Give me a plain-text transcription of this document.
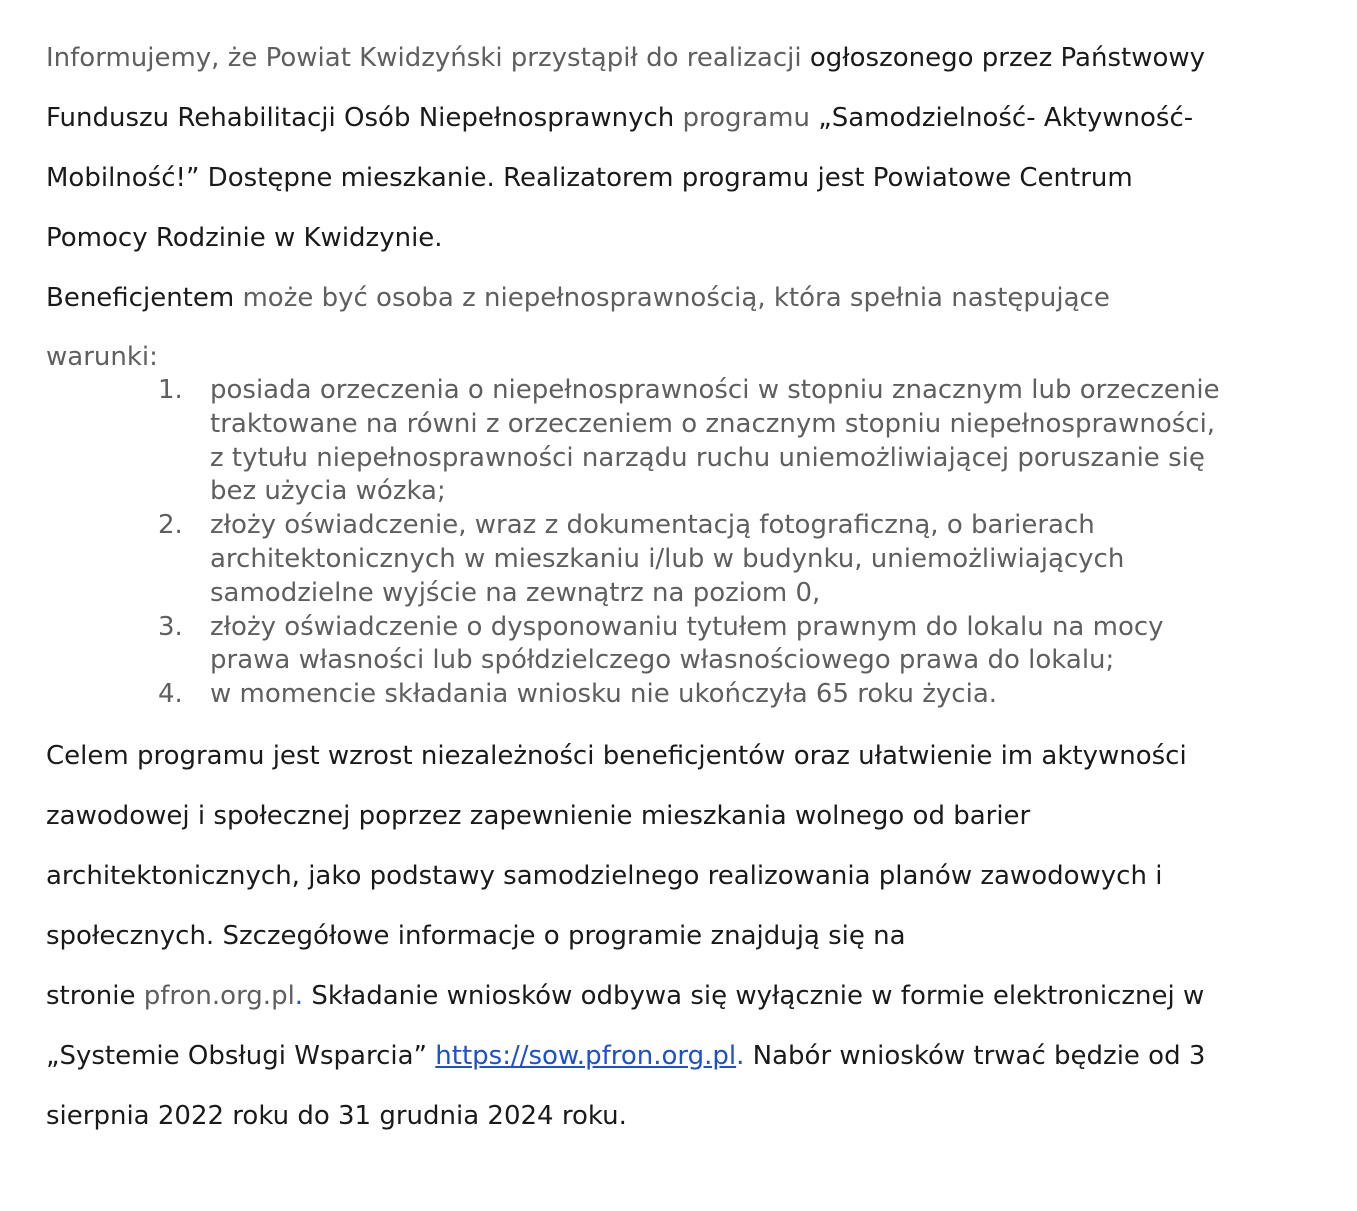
Informujemy, że Powiat Kwidzyński przystąpił do realizacji ogłoszonego przez Państwowy
Funduszu Rehabilitacji Osób Niepełnosprawnych programu „Samodzielność- Aktywność-
Mobilność!” Dostępne mieszkanie. Realizatorem programu jest Powiatowe Centrum
Pomocy Rodzinie w Kwidzynie.
Beneficjentem może być osoba z niepełnosprawnością, która spełnia następujące
warunki:
1.	posiada orzeczenia o niepełnosprawności w stopniu znacznym lub orzeczenie
traktowane na równi z orzeczeniem o znacznym stopniu niepełnosprawności,
z tytułu niepełnosprawności narządu ruchu uniemożliwiającej poruszanie się
bez użycia wózka;
2.	złoży oświadczenie, wraz z dokumentacją fotograficzną, o barierach
architektonicznych w mieszkaniu i/lub w budynku, uniemożliwiających
samodzielne wyjście na zewnątrz na poziom 0,
3.	złoży oświadczenie o dysponowaniu tytułem prawnym do lokalu na mocy
prawa własności lub spółdzielczego własnościowego prawa do lokalu;
4.	w momencie składania wniosku nie ukończyła 65 roku życia.
Celem programu jest wzrost niezależności beneficjentów oraz ułatwienie im aktywności
zawodowej i społecznej poprzez zapewnienie mieszkania wolnego od barier
architektonicznych, jako podstawy samodzielnego realizowania planów zawodowych i
społecznych. Szczegółowe informacje o programie znajdują się na
stronie pfron.org.pl. Składanie wniosków odbywa się wyłącznie w formie elektronicznej w
„Systemie Obsługi Wsparcia” https://sow.pfron.org.pl. Nabór wniosków trwać będzie od 3
sierpnia 2022 roku do 31 grudnia 2024 roku.
